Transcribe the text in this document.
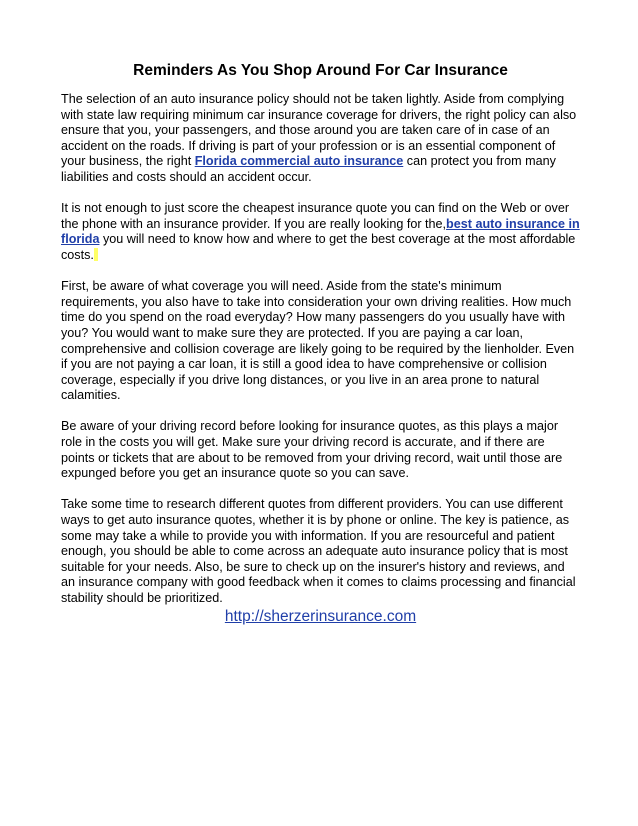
Reminders As You Shop Around For Car Insurance

The selection of an auto insurance policy should not be taken lightly. Aside from complying with state law requiring minimum car insurance coverage for drivers, the right policy can also ensure that you, your passengers, and those around you are taken care of in case of an accident on the roads. If driving is part of your profession or is an essential component of your business, the right Florida commercial auto insurance can protect you from many liabilities and costs should an accident occur.

It is not enough to just score the cheapest insurance quote you can find on the Web or over the phone with an insurance provider. If you are really looking for the,best auto insurance in florida you will need to know how and where to get the best coverage at the most affordable costs.

First, be aware of what coverage you will need. Aside from the state's minimum requirements, you also have to take into consideration your own driving realities. How much time do you spend on the road everyday? How many passengers do you usually have with you? You would want to make sure they are protected. If you are paying a car loan, comprehensive and collision coverage are likely going to be required by the lienholder. Even if you are not paying a car loan, it is still a good idea to have comprehensive or collision coverage, especially if you drive long distances, or you live in an area prone to natural calamities.

Be aware of your driving record before looking for insurance quotes, as this plays a major role in the costs you will get. Make sure your driving record is accurate, and if there are points or tickets that are about to be removed from your driving record, wait until those are expunged before you get an insurance quote so you can save.

Take some time to research different quotes from different providers. You can use different ways to get auto insurance quotes, whether it is by phone or online. The key is patience, as some may take a while to provide you with information. If you are resourceful and patient enough, you should be able to come across an adequate auto insurance policy that is most suitable for your needs. Also, be sure to check up on the insurer's history and reviews, and an insurance company with good feedback when it comes to claims processing and financial stability should be prioritized.

http://sherzerinsurance.com
